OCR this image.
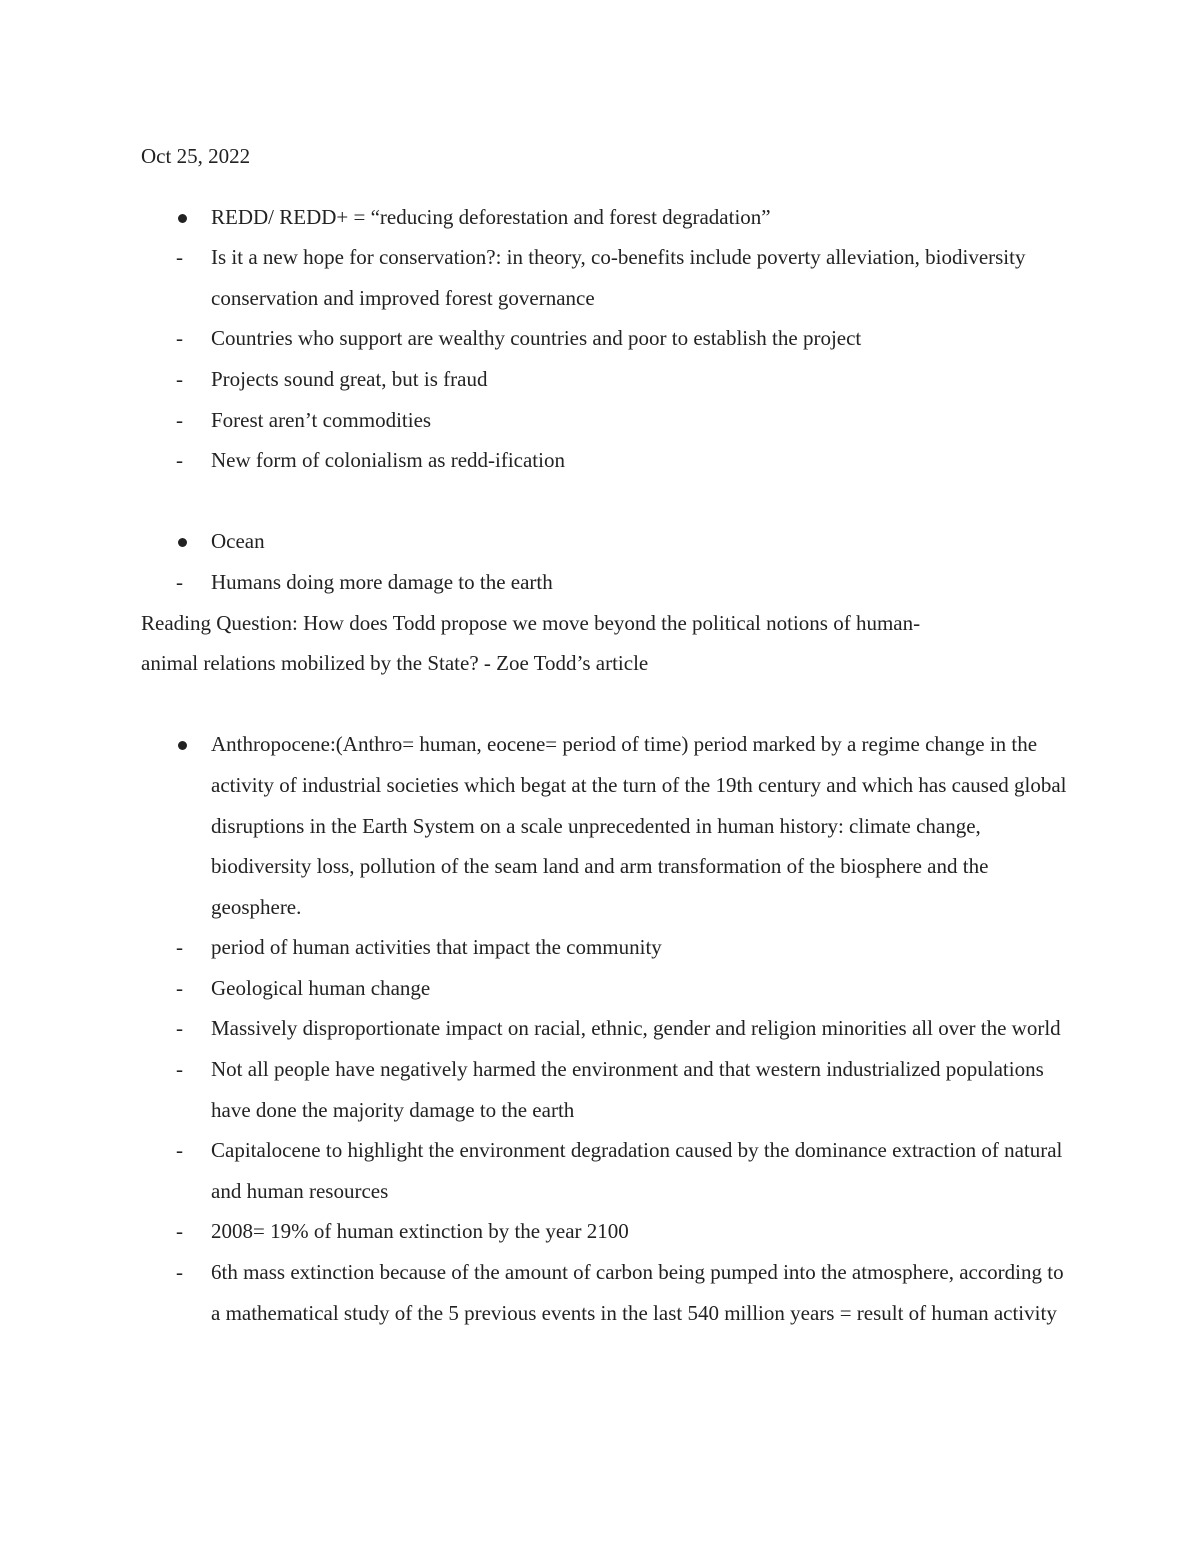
Oct 25, 2022

REDD/ REDD+ = “reducing deforestation and forest degradation”
- Is it a new hope for conservation?: in theory, co-benefits include poverty alleviation, biodiversity conservation and improved forest governance
- Countries who support are wealthy countries and poor to establish the project
- Projects sound great, but is fraud
- Forest aren’t commodities
- New form of colonialism as redd-ification
Ocean
- Humans doing more damage to the earth

Reading Question: How does Todd propose we move beyond the political notions of human-animal relations mobilized by the State? - Zoe Todd’s article

Anthropocene:(Anthro= human, eocene= period of time) period marked by a regime change in the activity of industrial societies which begat at the turn of the 19th century and which has caused global disruptions in the Earth System on a scale unprecedented in human history: climate change, biodiversity loss, pollution of the seam land and arm transformation of the biosphere and the geosphere.
- period of human activities that impact the community
- Geological human change
- Massively disproportionate impact on racial, ethnic, gender and religion minorities all over the world
- Not all people have negatively harmed the environment and that western industrialized populations have done the majority damage to the earth
- Capitalocene to highlight the environment degradation caused by the dominance extraction of natural and human resources
- 2008= 19% of human extinction by the year 2100
- 6th mass extinction because of the amount of carbon being pumped into the atmosphere, according to a mathematical study of the 5 previous events in the last 540 million years = result of human activity
